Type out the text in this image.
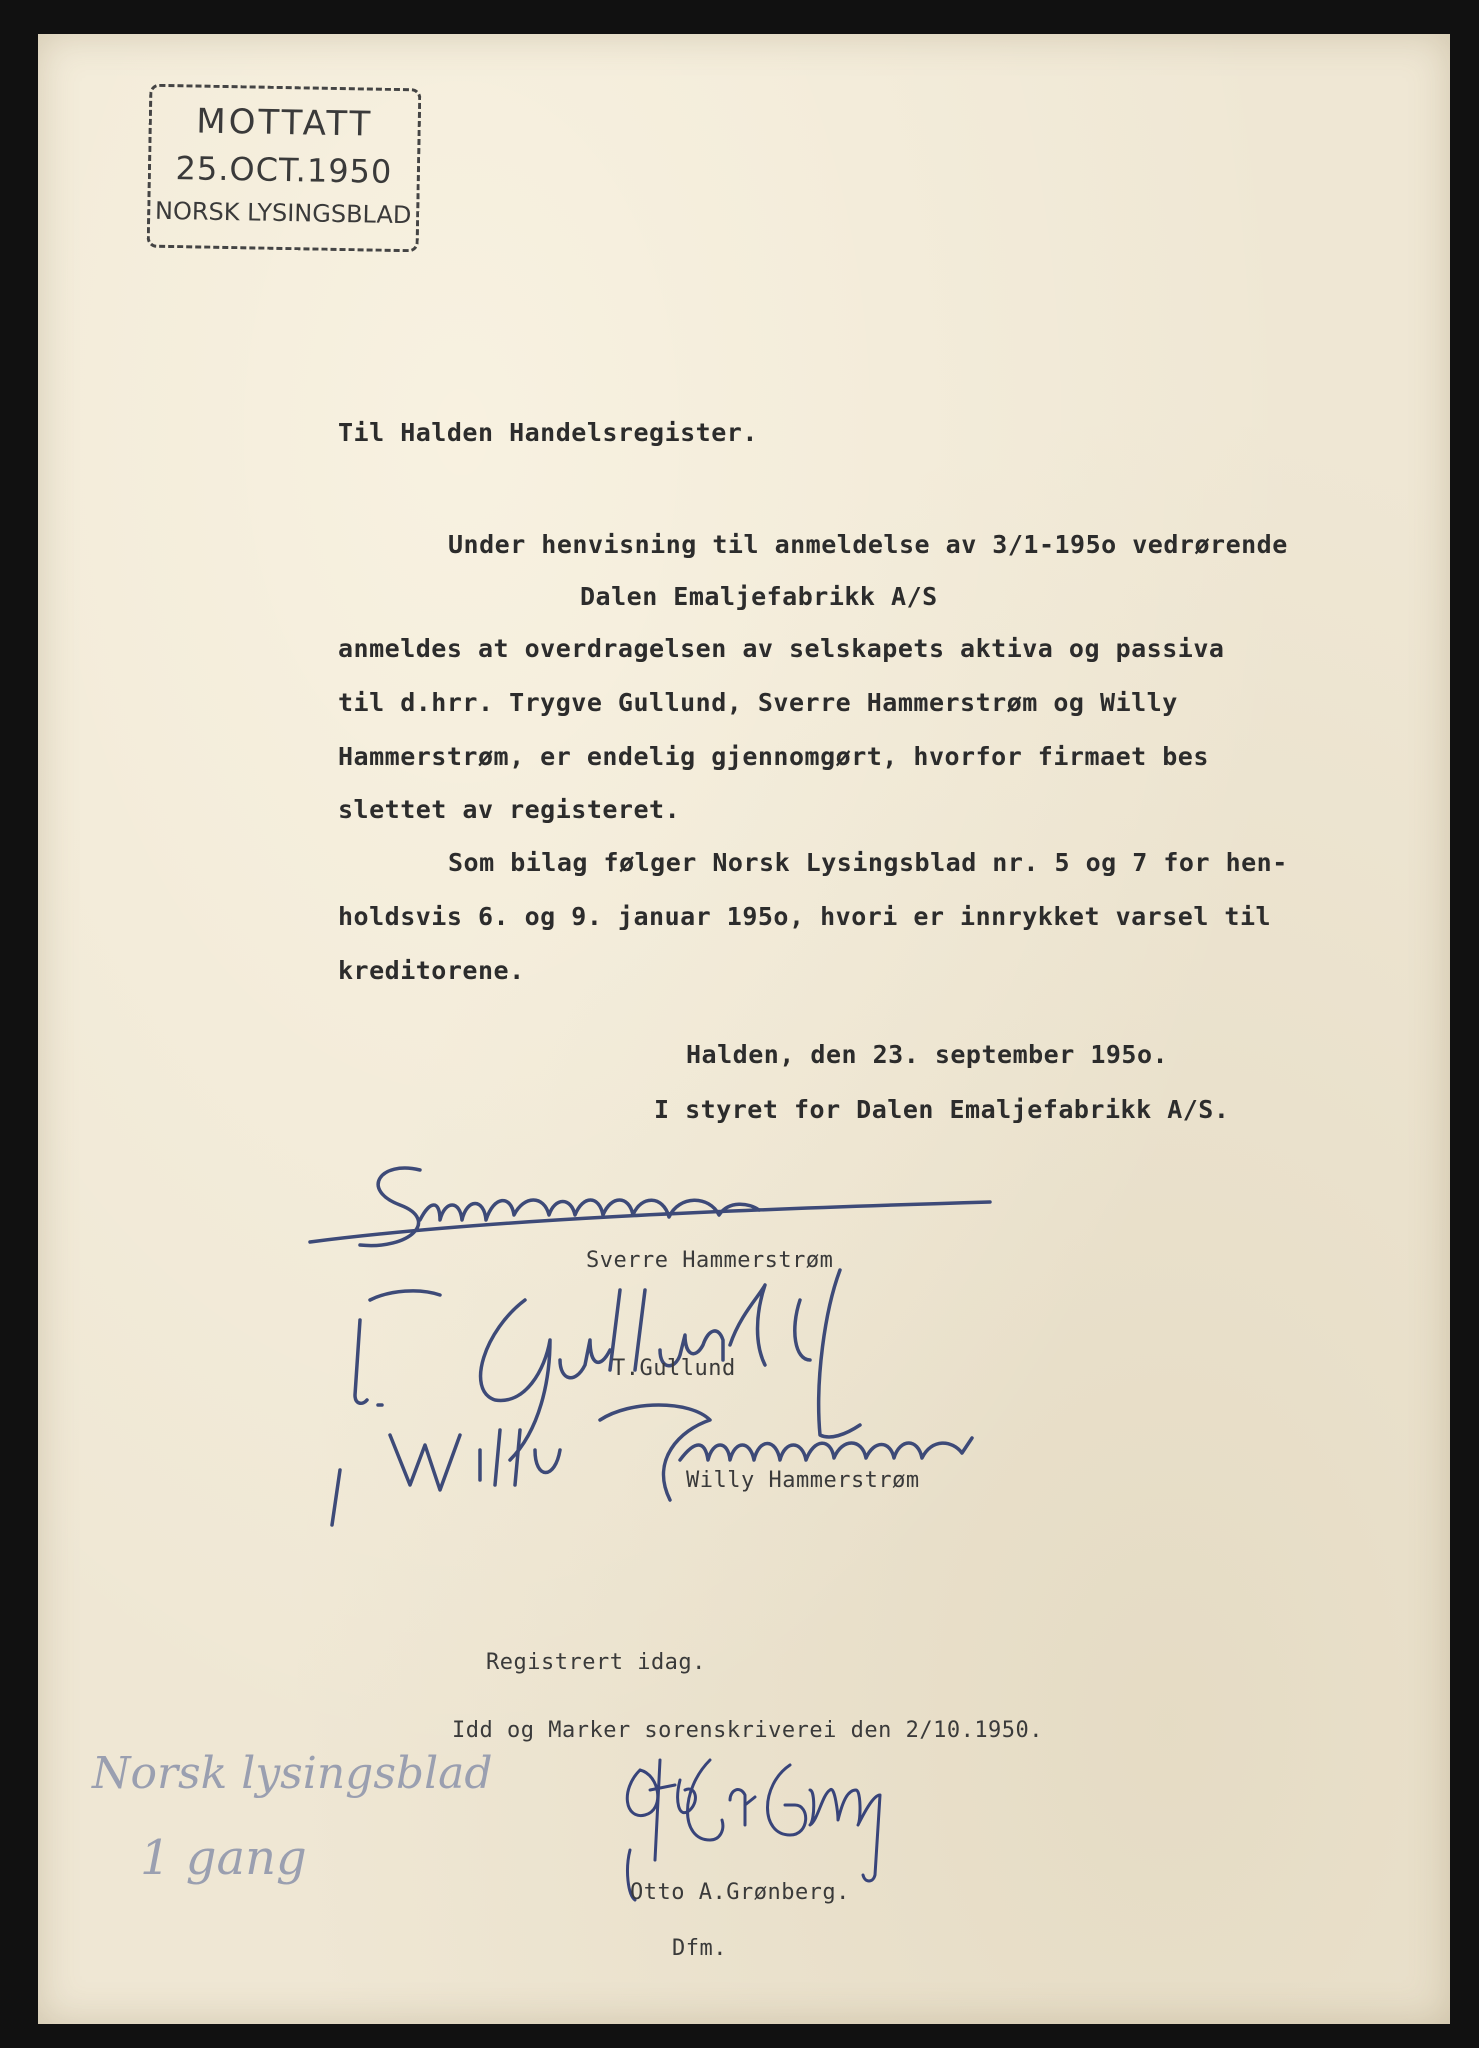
MOTTATT
25.OCT.1950
NORSK LYSINGSBLAD
Til Halden Handelsregister.
Under henvisning til anmeldelse av 3/1-195o vedrørende
Dalen Emaljefabrikk A/S
anmeldes at overdragelsen av selskapets aktiva og passiva
til d.hrr. Trygve Gullund, Sverre Hammerstrøm og Willy
Hammerstrøm, er endelig gjennomgørt, hvorfor firmaet bes
slettet av registeret.
Som bilag følger Norsk Lysingsblad nr. 5 og 7 for hen-
holdsvis 6. og 9. januar 195o, hvori er innrykket varsel til
kreditorene.
Halden, den 23. september 195o.
I styret for Dalen Emaljefabrikk A/S.
Sverre Hammerstrøm
T.Gullund
Willy Hammerstrøm
Registrert idag.
Idd og Marker sorenskriverei den 2/10.1950.
Otto A.Grønberg.
Dfm.
Norsk lysingsblad
1 gang
